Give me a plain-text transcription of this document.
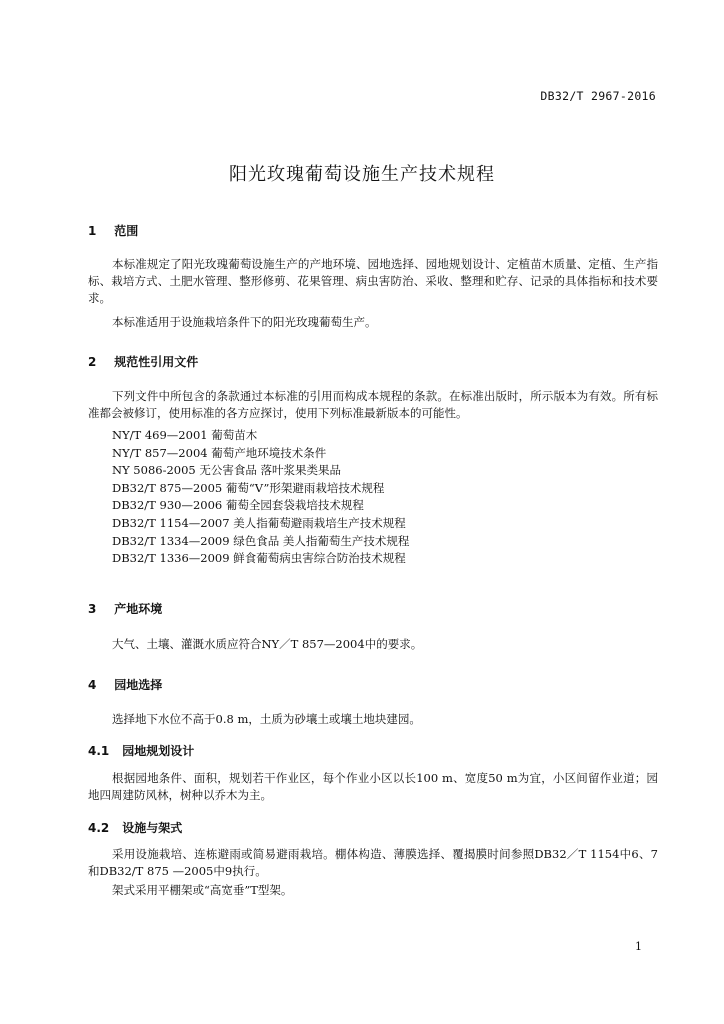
DB32/T 2967-2016
阳光玫瑰葡萄设施生产技术规程
1 范围

本标准规定了阳光玫瑰葡萄设施生产的产地环境、园地选择、园地规划设计、定植苗木质量、定植、生产指标、栽培方式、土肥水管理、整形修剪、花果管理、病虫害防治、采收、整理和贮存、记录的具体指标和技术要求。

本标准适用于设施栽培条件下的阳光玫瑰葡萄生产。

2 规范性引用文件

下列文件中所包含的条款通过本标准的引用而构成本规程的条款。在标准出版时，所示版本为有效。所有标准都会被修订，使用标准的各方应探讨，使用下列标准最新版本的可能性。

NY/T 469—2001 葡萄苗木
NY/T 857—2004 葡萄产地环境技术条件
NY 5086-2005 无公害食品 落叶浆果类果品
DB32/T 875—2005 葡萄“V”形架避雨栽培技术规程
DB32/T 930—2006 葡萄全园套袋栽培技术规程
DB32/T 1154—2007 美人指葡萄避雨栽培生产技术规程
DB32/T 1334—2009 绿色食品 美人指葡萄生产技术规程
DB32/T 1336—2009 鲜食葡萄病虫害综合防治技术规程
3 产地环境

大气、土壤、灌溉水质应符合NY／T 857—2004中的要求。

4 园地选择

选择地下水位不高于0.8 m，土质为砂壤土或壤土地块建园。

4.1 园地规划设计

根据园地条件、面积，规划若干作业区，每个作业小区以长100 m、宽度50 m为宜，小区间留作业道；园地四周建防风林，树种以乔木为主。

4.2 设施与架式

采用设施栽培、连栋避雨或简易避雨栽培。棚体构造、薄膜选择、覆揭膜时间参照DB32／T 1154中6、7和DB32/T 875 —2005中9执行。

架式采用平棚架或“高宽垂”T型架。

1
